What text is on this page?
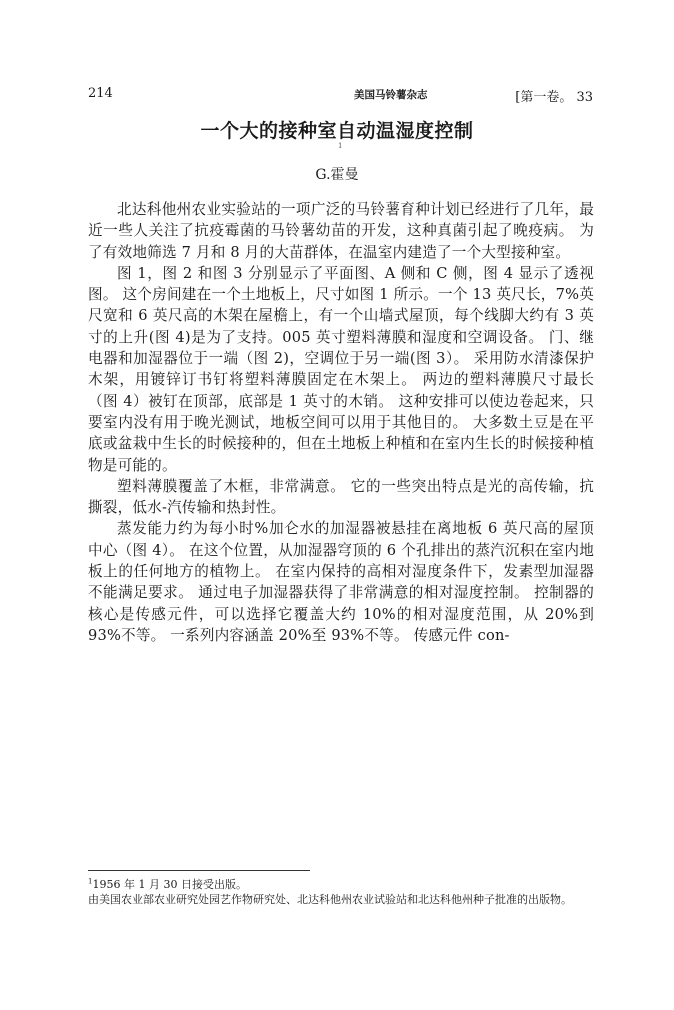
214	美国马铃薯杂志	[第一卷。 33
一个大的接种室自动温湿度控制
1
G.霍曼

北达科他州农业实验站的一项广泛的马铃薯育种计划已经进行了几年，最近一些人关注了抗疫霉菌的马铃薯幼苗的开发，这种真菌引起了晚疫病。 为了有效地筛选 7 月和 8 月的大苗群体，在温室内建造了一个大型接种室。

图 1，图 2 和图 3 分别显示了平面图、A 侧和 C 侧，图 4 显示了透视图。 这个房间建在一个土地板上，尺寸如图 1 所示。一个 13 英尺长，7%英尺宽和 6 英尺高的木架在屋檐上，有一个山墙式屋顶，每个线脚大约有 3 英寸的上升(图 4)是为了支持。005 英寸塑料薄膜和湿度和空调设备。 门、继电器和加湿器位于一端（图 2)，空调位于另一端(图 3）。 采用防水清漆保护木架，用镀锌订书钉将塑料薄膜固定在木架上。 两边的塑料薄膜尺寸最长（图 4）被钉在顶部，底部是 1 英寸的木销。 这种安排可以使边卷起来，只要室内没有用于晚光测试，地板空间可以用于其他目的。 大多数土豆是在平底或盆栽中生长的时候接种的，但在土地板上种植和在室内生长的时候接种植物是可能的。

塑料薄膜覆盖了木框，非常满意。 它的一些突出特点是光的高传输，抗撕裂，低水-汽传输和热封性。

蒸发能力约为每小时%加仑水的加湿器被悬挂在离地板 6 英尺高的屋顶中心（图 4）。 在这个位置，从加湿器穹顶的 6 个孔排出的蒸汽沉积在室内地板上的任何地方的植物上。 在室内保持的高相对湿度条件下，发素型加湿器不能满足要求。 通过电子加湿器获得了非常满意的相对湿度控制。 控制器的核心是传感元件，可以选择它覆盖大约 10%的相对湿度范围，从 20%到 93%不等。 一系列内容涵盖 20%至 93%不等。 传感元件 con-

$^1$1956 年 1 月 30 日接受出版。

由美国农业部农业研究处园艺作物研究处、北达科他州农业试验站和北达科他州种子批准的出版物。
